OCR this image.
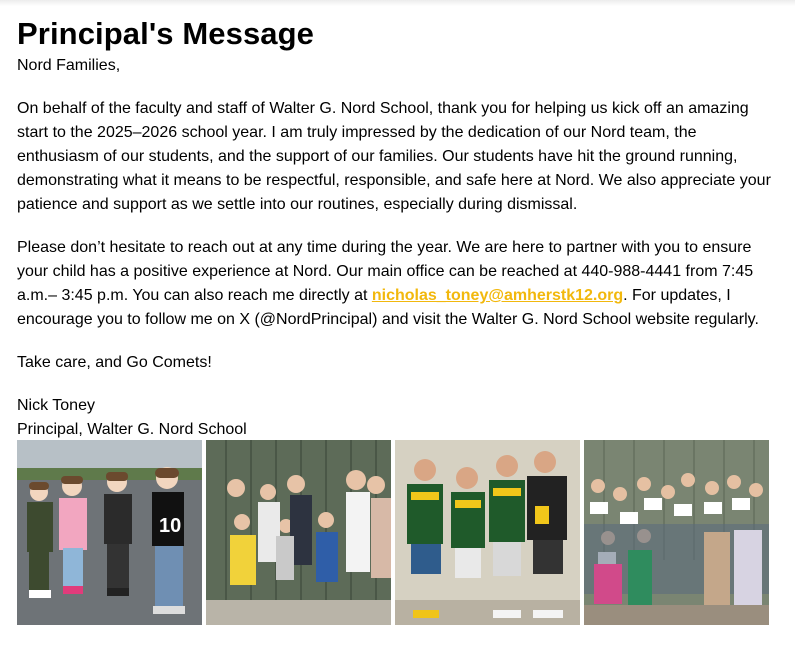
Principal's Message

Nord Families,

On behalf of the faculty and staff of Walter G. Nord School, thank you for helping us kick off an amazing start to the 2025–2026 school year. I am truly impressed by the dedication of our Nord team, the enthusiasm of our students, and the support of our families. Our students have hit the ground running, demonstrating what it means to be respectful, responsible, and safe here at Nord. We also appreciate your patience and support as we settle into our routines, especially during dismissal.

Please don’t hesitate to reach out at any time during the year. We are here to partner with you to ensure your child has a positive experience at Nord. Our main office can be reached at 440-988-4441 from 7:45 a.m.– 3:45 p.m. You can also reach me directly at nicholas_toney@amherstk12.org. For updates, I encourage you to follow me on X (@NordPrincipal) and visit the Walter G. Nord School website regularly.

Take care, and Go Comets!

Nick Toney

Principal, Walter G. Nord School

10
